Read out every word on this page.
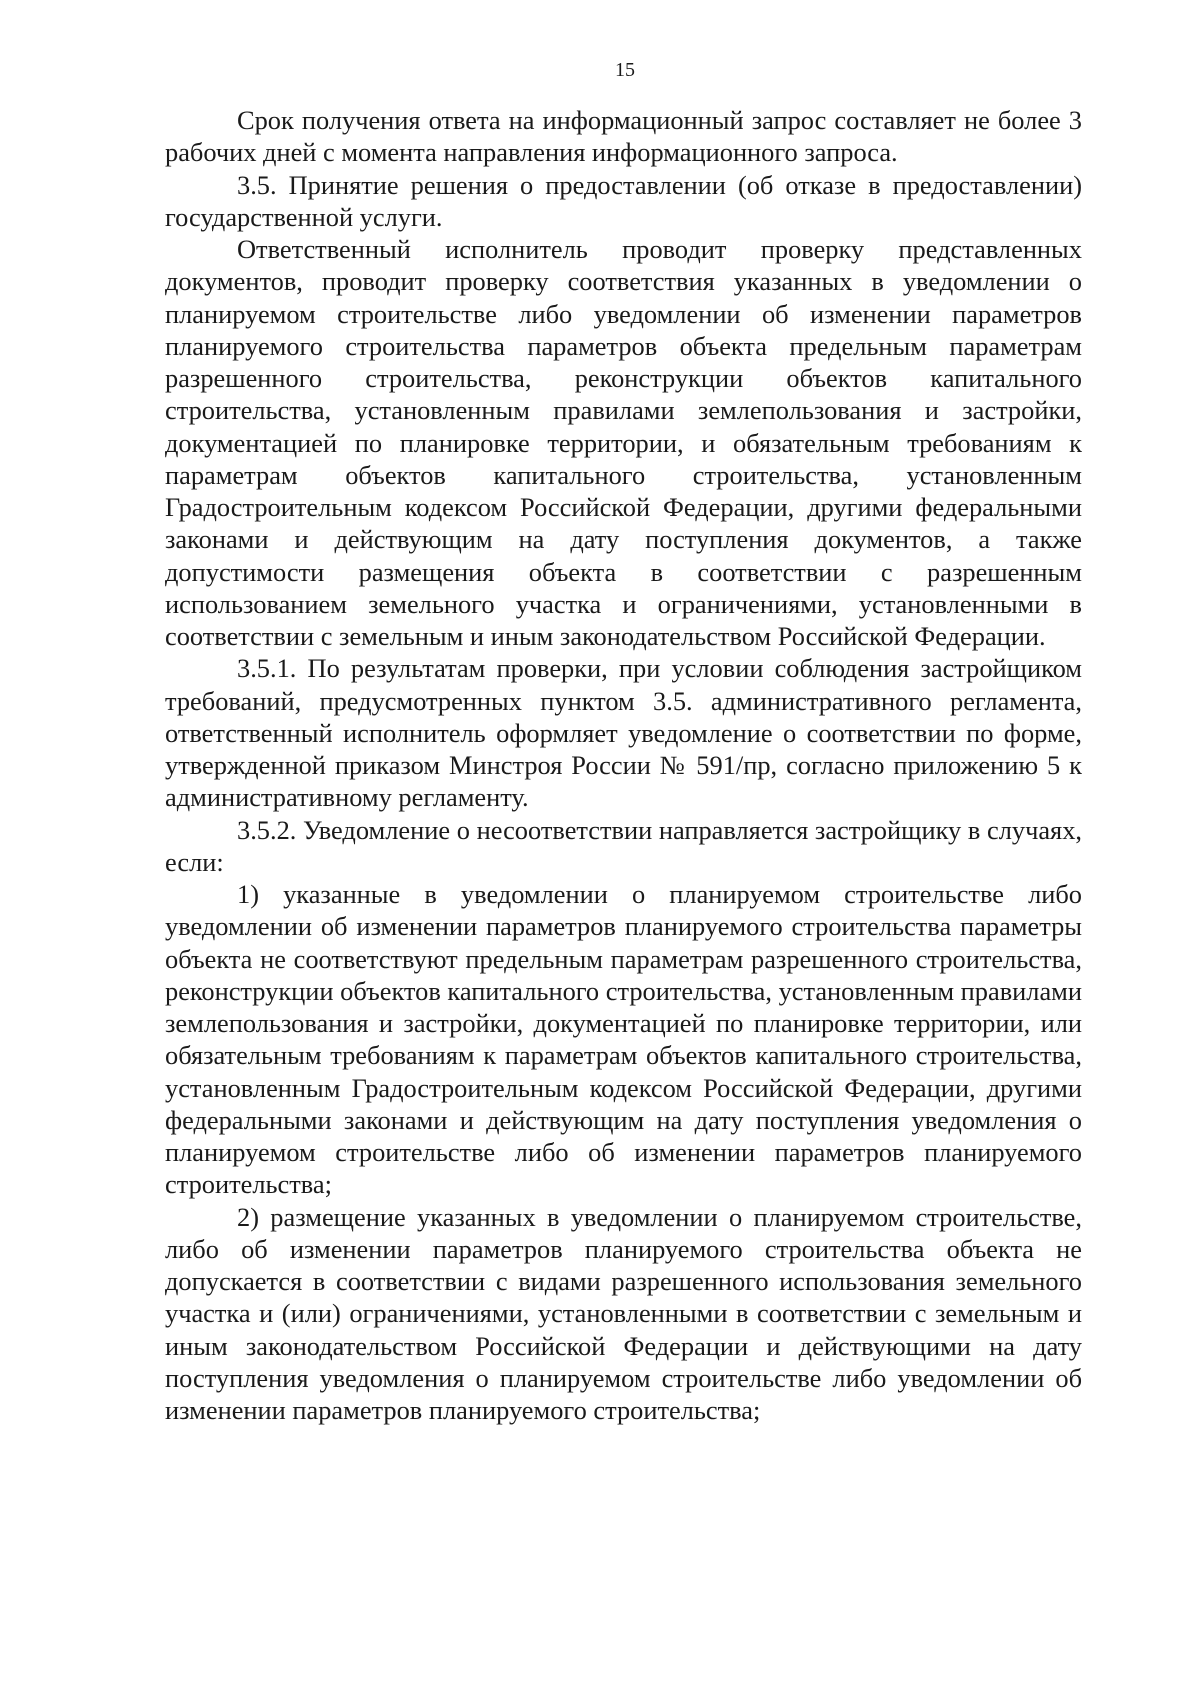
15

Срок получения ответа на информационный запрос составляет не более 3 рабочих дней с момента направления информационного запроса.

3.5. Принятие решения о предоставлении (об отказе в предоставлении) государственной услуги.

Ответственный исполнитель проводит проверку представленных документов, проводит проверку соответствия указанных в уведомлении о планируемом строительстве либо уведомлении об изменении параметров планируемого строительства параметров объекта предельным параметрам разрешенного строительства, реконструкции объектов капитального строительства, установленным правилами землепользования и застройки, документацией по планировке территории, и обязательным требованиям к параметрам объектов капитального строительства, установленным Градостроительным кодексом Российской Федерации, другими федеральными законами и действующим на дату поступления документов, а также допустимости размещения объекта в соответствии с разрешенным использованием земельного участка и ограничениями, установленными в соответствии с земельным и иным законодательством Российской Федерации.

3.5.1. По результатам проверки, при условии соблюдения застройщиком требований, предусмотренных пунктом 3.5. административного регламента, ответственный исполнитель оформляет уведомление о соответствии по форме, утвержденной приказом Минстроя России № 591/пр, согласно приложению 5 к административному регламенту.

3.5.2. Уведомление о несоответствии направляется застройщику в случаях, если:

1) указанные в уведомлении о планируемом строительстве либо уведомлении об изменении параметров планируемого строительства параметры объекта не соответствуют предельным параметрам разрешенного строительства, реконструкции объектов капитального строительства, установленным правилами землепользования и застройки, документацией по планировке территории, или обязательным требованиям к параметрам объектов капитального строительства, установленным Градостроительным кодексом Российской Федерации, другими федеральными законами и действующим на дату поступления уведомления о планируемом строительстве либо об изменении параметров планируемого строительства;

2) размещение указанных в уведомлении о планируемом строительстве, либо об изменении параметров планируемого строительства объекта не допускается в соответствии с видами разрешенного использования земельного участка и (или) ограничениями, установленными в соответствии с земельным и иным законодательством Российской Федерации и действующими на дату поступления уведомления о планируемом строительстве либо уведомлении об изменении параметров планируемого строительства;
